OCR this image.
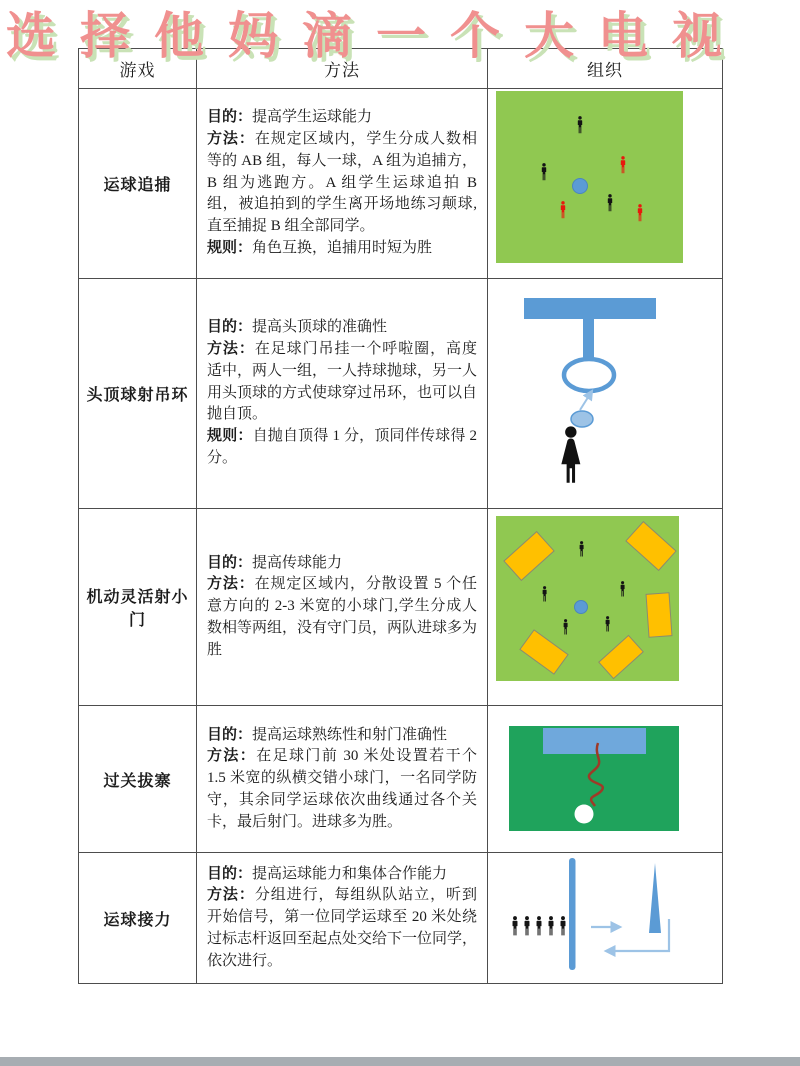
选择他妈滴一个大电视
游戏	方法	组织
运球追捕

目的：提高学生运球能力

方法：在规定区域内，学生分成人数相等的 AB 组，每人一球，A 组为追捕方，B 组为逃跑方。A 组学生运球追拍 B 组，被追拍到的学生离开场地练习颠球,直至捕捉 B 组全部同学。

规则：角色互换，追捕用时短为胜

头顶球射吊环

目的：提高头顶球的准确性

方法：在足球门吊挂一个呼啦圈，高度适中，两人一组，一人持球抛球，另一人用头顶球的方式使球穿过吊环，也可以自抛自顶。

规则：自抛自顶得 1 分，顶同伴传球得 2 分。

机动灵活射小门

目的：提高传球能力

方法：在规定区域内，分散设置 5 个任意方向的 2-3 米宽的小球门,学生分成人数相等两组，没有守门员，两队进球多为胜

过关拔寨

目的：提高运球熟练性和射门准确性

方法：在足球门前 30 米处设置若干个 1.5 米宽的纵横交错小球门，一名同学防守，其余同学运球依次曲线通过各个关卡，最后射门。进球多为胜。

运球接力

目的：提高运球能力和集体合作能力

方法：分组进行，每组纵队站立，听到开始信号，第一位同学运球至 20 米处绕过标志杆返回至起点处交给下一位同学，依次进行。
